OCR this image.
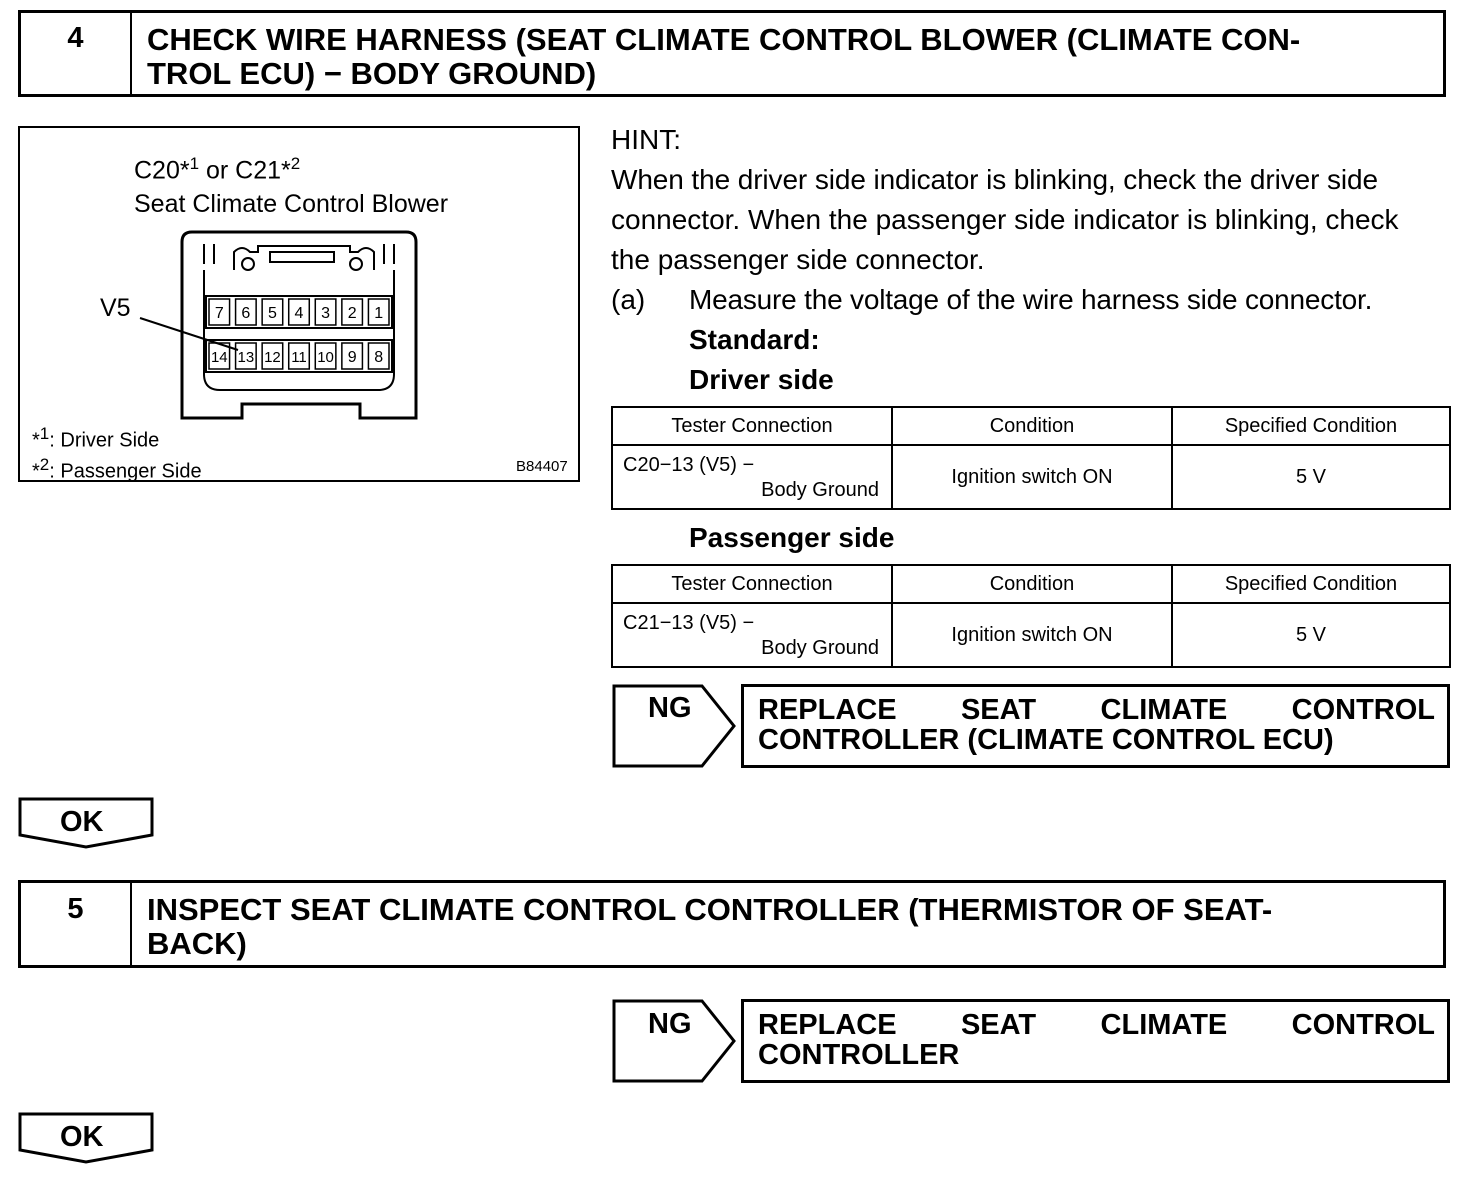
4	CHECK WIRE HARNESS (SEAT CLIMATE CONTROL BLOWER (CLIMATE CON-
TROL ECU) − BODY GROUND)
C20*$^1$ or C21*$^2$
Seat Climate Control Blower
V5	7 6 5 4 3 2 1
14 13 12 11 10 9 8
*$^1$: Driver Side
*$^2$: Passenger Side	B84407
HINT:
When the driver side indicator is blinking, check the driver side
connector. When the passenger side indicator is blinking, check
the passenger side connector.
(a) Measure the voltage of the wire harness side connector.
Standard:
Driver side
Tester Connection	Condition	Specified Condition

C20−13 (V5) −
Body Ground	Ignition switch ON	5 V
Passenger side
Tester Connection	Condition	Specified Condition

C21−13 (V5) −
Body Ground	Ignition switch ON	5 V
NG REPLACE SEAT CLIMATE CONTROL
CONTROLLER (CLIMATE CONTROL ECU)
OK
5	INSPECT SEAT CLIMATE CONTROL CONTROLLER (THERMISTOR OF SEAT-
BACK)
NG REPLACE SEAT CLIMATE CONTROL
CONTROLLER
OK
